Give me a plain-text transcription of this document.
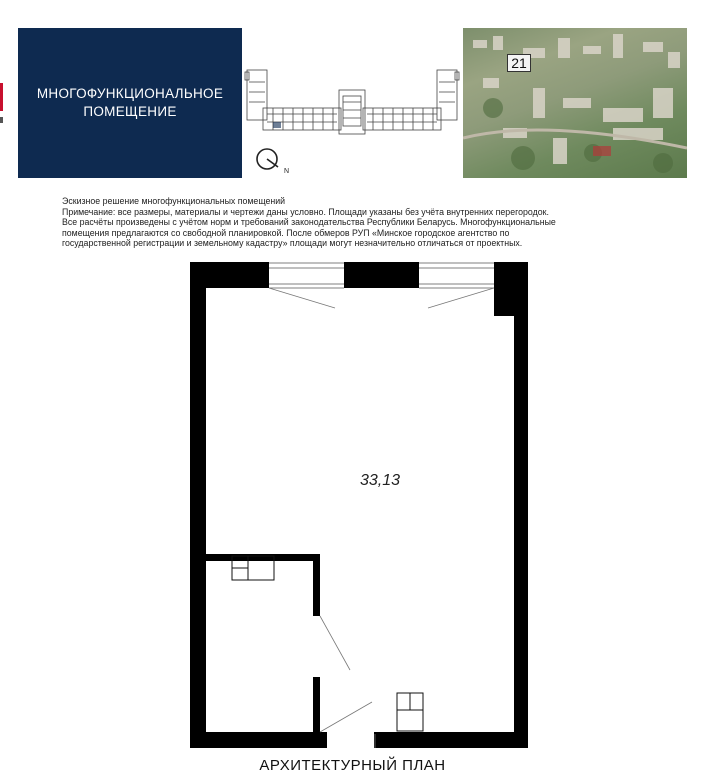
МНОГОФУНКЦИОНАЛЬНОЕ
ПОМЕЩЕНИЕ
N
21
Эскизное решение многофункциональных помещений
Примечание: все размеры, материалы и чертежи даны условно. Площади указаны без учёта внутренних перегородок.
Все расчёты произведены с учётом норм и требований законодательства Республики Беларусь. Многофункциональные
помещения предлагаются со свободной планировкой. После обмеров РУП «Минское городское агентство по
государственной регистрации и земельному кадастру» площади могут незначительно отличаться от проектных.
33,13
АРХИТЕКТУРНЫЙ ПЛАН
